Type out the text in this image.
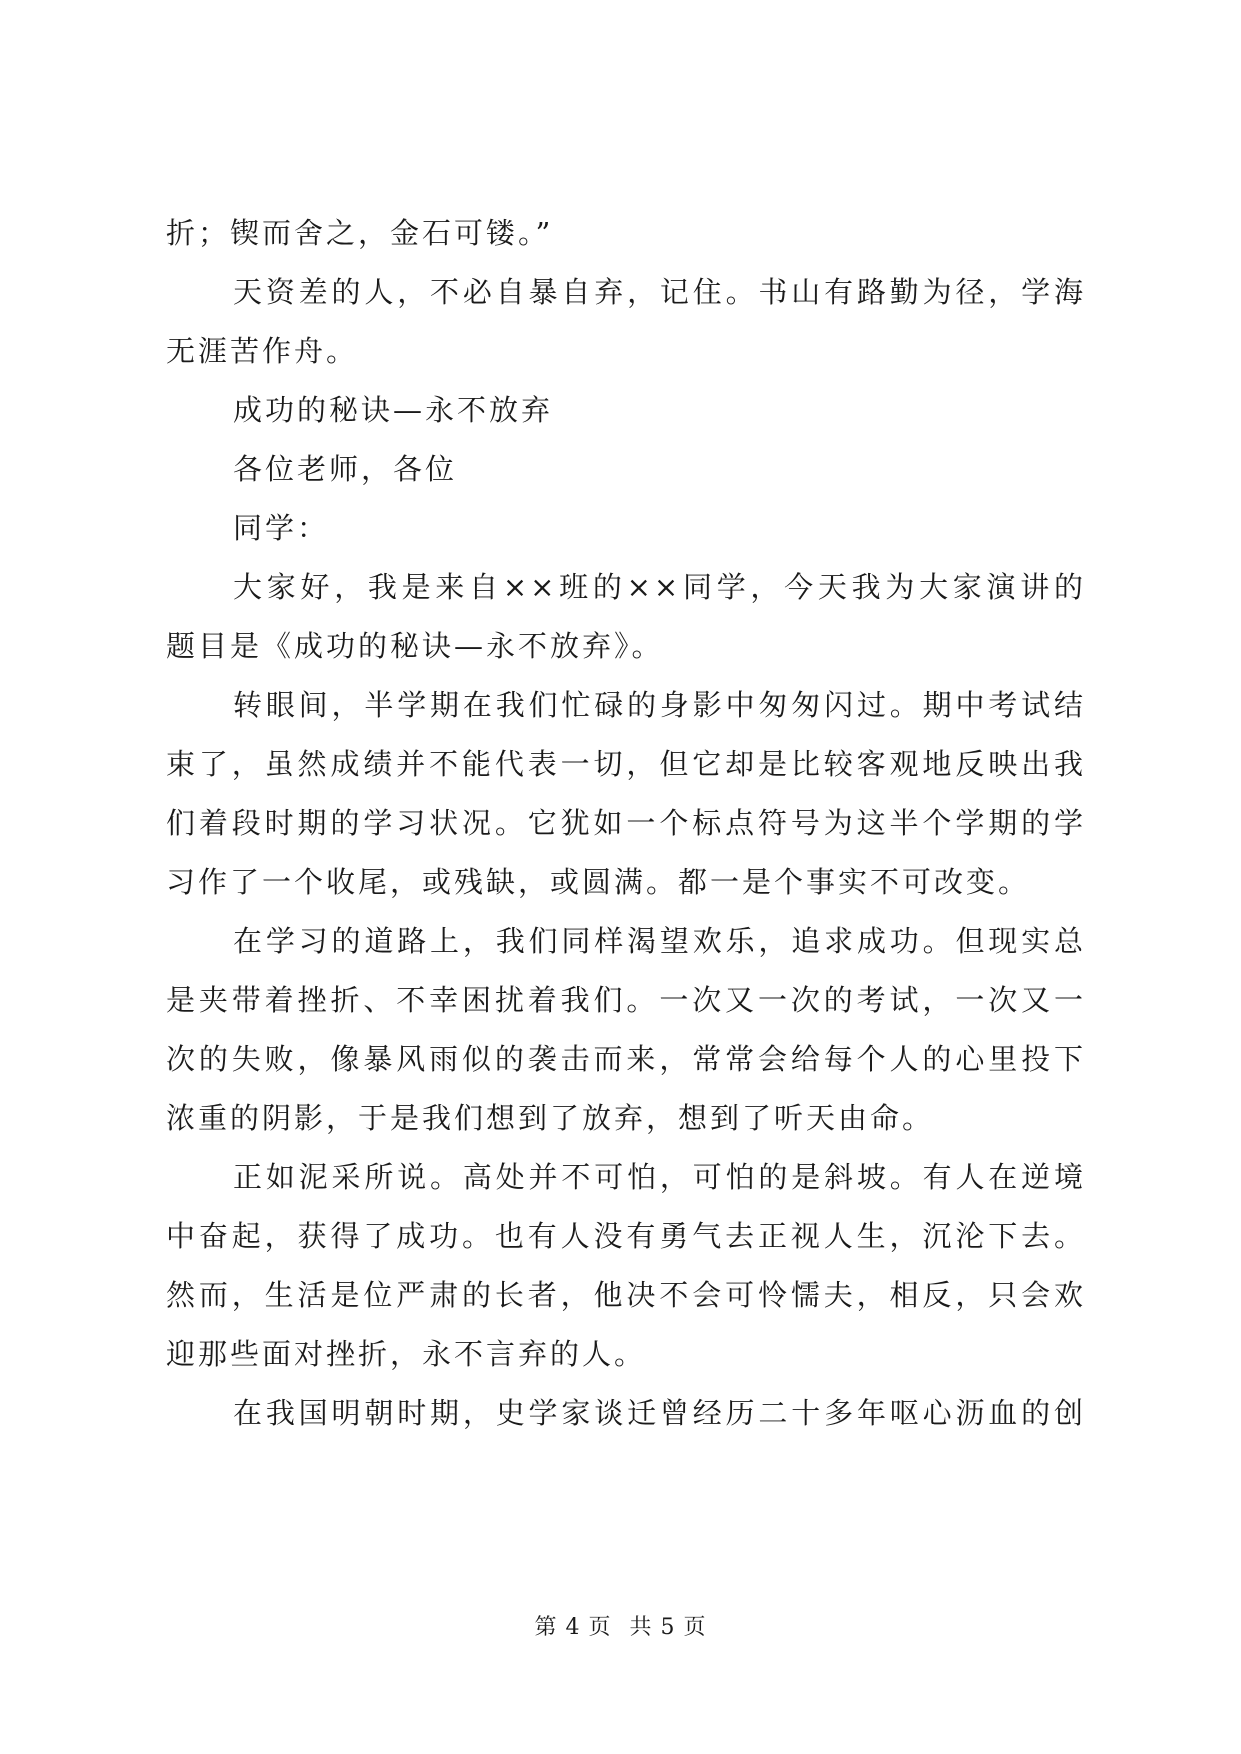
折；锲而舍之，金石可镂。”
天资差的人，不必自暴自弃，记住。书山有路勤为径，学海
无涯苦作舟。
成功的秘诀—永不放弃
各位老师，各位
同学：
大家好，我是来自××班的××同学，今天我为大家演讲的
题目是《成功的秘诀—永不放弃》。
转眼间，半学期在我们忙碌的身影中匆匆闪过。期中考试结
束了，虽然成绩并不能代表一切，但它却是比较客观地反映出我
们着段时期的学习状况。它犹如一个标点符号为这半个学期的学
习作了一个收尾，或残缺，或圆满。都一是个事实不可改变。
在学习的道路上，我们同样渴望欢乐，追求成功。但现实总
是夹带着挫折、不幸困扰着我们。一次又一次的考试，一次又一
次的失败，像暴风雨似的袭击而来，常常会给每个人的心里投下
浓重的阴影，于是我们想到了放弃，想到了听天由命。
正如泥采所说。高处并不可怕，可怕的是斜坡。有人在逆境
中奋起，获得了成功。也有人没有勇气去正视人生，沉沦下去。
然而，生活是位严肃的长者，他决不会可怜懦夫，相反，只会欢
迎那些面对挫折，永不言弃的人。
在我国明朝时期，史学家谈迁曾经历二十多年呕心沥血的创
第 4 页 共 5 页
